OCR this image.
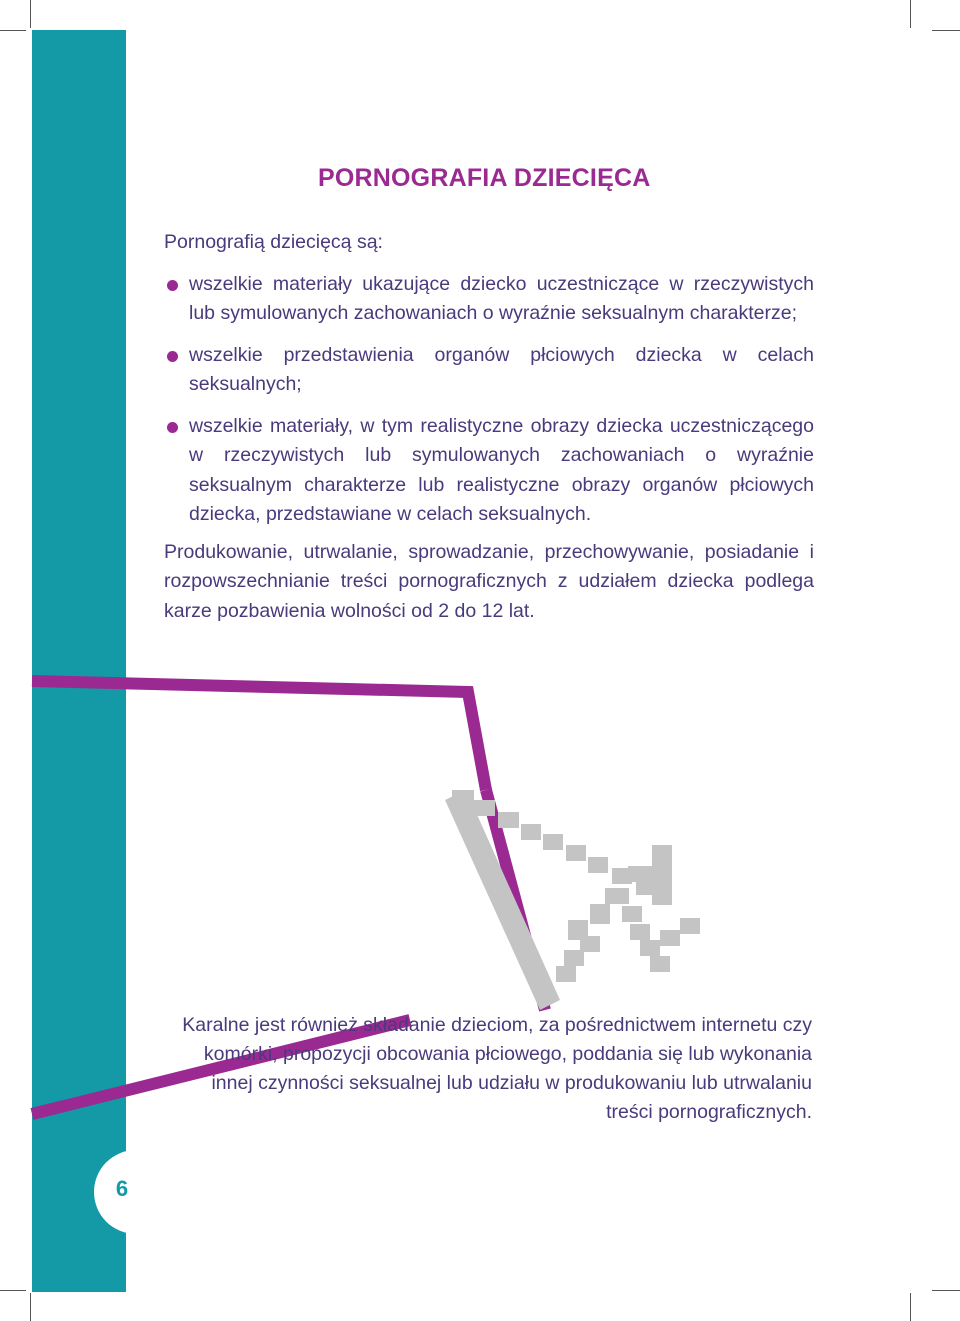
PORNOGRAFIA DZIECIĘCA

Pornografią dziecięcą są:

wszelkie materiały ukazujące dziecko uczestniczące w rzeczywistych lub symulowanych zachowaniach o wyraźnie seksualnym charakterze;
wszelkie przedstawienia organów płciowych dziecka w celach seksualnych;
wszelkie materiały, w tym realistyczne obrazy dziecka uczestniczącego w rzeczywistych lub symulowanych zachowaniach o wyraźnie seksualnym charakterze lub realistyczne obrazy organów płciowych dziecka, przedstawiane w celach seksualnych.

Produkowanie, utrwalanie, sprowadzanie, przechowywanie, posiadanie i rozpowszechnianie treści pornograficznych z udziałem dziecka podlega karze pozbawienia wolności od 2 do 12 lat.

Karalne jest również składanie dzieciom, za pośrednictwem internetu czy komórki, propozycji obcowania płciowego, poddania się lub wykonania innej czynności seksualnej lub udziału w produkowaniu lub utrwalaniu treści pornograficznych.

6
